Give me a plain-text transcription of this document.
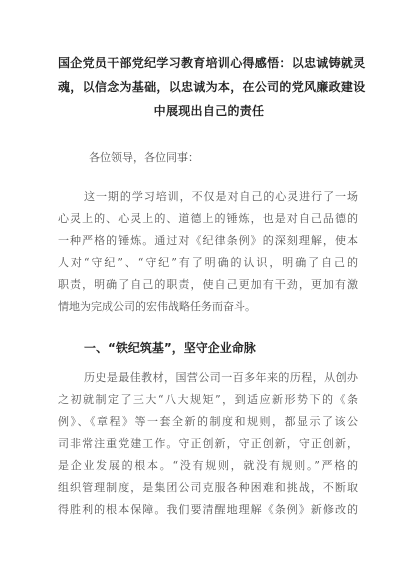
国企党员干部党纪学习教育培训心得感悟：以忠诚铸就灵
魂，以信念为基础，以忠诚为本，在公司的党风廉政建设
中展现出自己的责任
各位领导，各位同事：
这一期的学习培训，不仅是对自己的心灵进行了一场
心灵上的、心灵上的、道德上的锤炼，也是对自己品德的
一种严格的锤炼。通过对《纪律条例》的深刻理解，使本
人对“守纪”、“守纪”有了明确的认识，明确了自己的
职责，明确了自己的职责，使自己更加有干劲，更加有激
情地为完成公司的宏伟战略任务而奋斗。
一、“铁纪筑基”，坚守企业命脉
历史是最佳教材，国营公司一百多年来的历程，从创办
之初就制定了三大“八大规矩”，到适应新形势下的《条
例》、《章程》等一套全新的制度和规则，都显示了该公
司非常注重党建工作。守正创新，守正创新，守正创新，
是企业发展的根本。“没有规则，就没有规则。”严格的
组织管理制度，是集团公司克服各种困难和挑战，不断取
得胜利的根本保障。我们要清醒地理解《条例》新修改的
